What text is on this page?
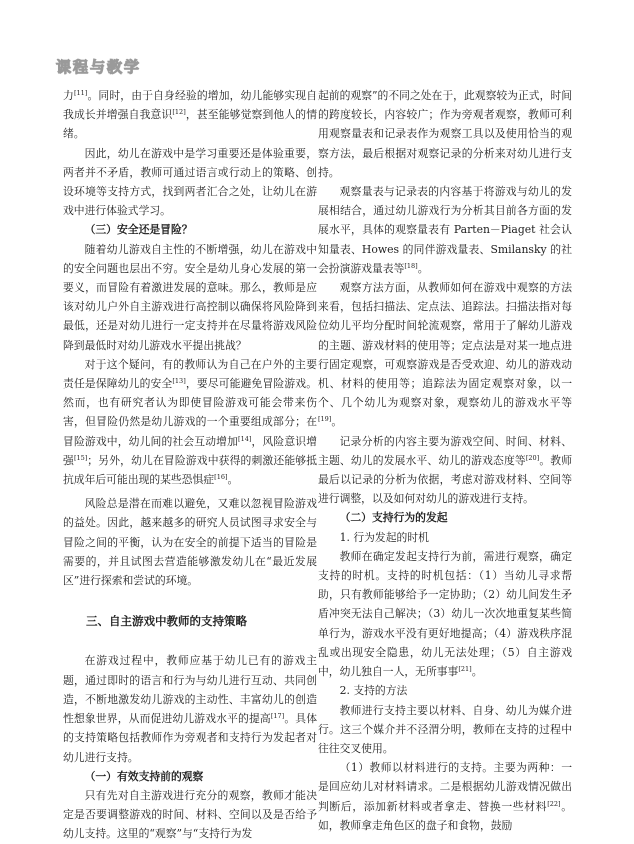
课程与教学

力[11]。同时，由于自身经验的增加，幼儿能够实现自我成长并增强自我意识[12]，甚至能够觉察到他人的情绪。

因此，幼儿在游戏中是学习重要还是体验重要，两者并不矛盾，教师可通过语言或行动上的策略、创设环境等支持方式，找到两者汇合之处，让幼儿在游戏中进行体验式学习。

（三）安全还是冒险？

随着幼儿游戏自主性的不断增强，幼儿在游戏中的安全问题也层出不穷。安全是幼儿身心发展的第一要义，而冒险有着激进发展的意味。那么，教师是应该对幼儿户外自主游戏进行高控制以确保将风险降到最低，还是对幼儿进行一定支持并在尽量将游戏风险降到最低时对幼儿游戏水平提出挑战？

对于这个疑问，有的教师认为自己在户外的主要责任是保障幼儿的安全[13]，要尽可能避免冒险游戏。然而，也有研究者认为即使冒险游戏可能会带来伤害，但冒险仍然是幼儿游戏的一个重要组成部分；在冒险游戏中，幼儿间的社会互动增加[14]，风险意识增强[15]；另外，幼儿在冒险游戏中获得的刺激还能够抵抗成年后可能出现的某些恐惧症[16]。

风险总是潜在而难以避免，又难以忽视冒险游戏的益处。因此，越来越多的研究人员试图寻求安全与冒险之间的平衡，认为在安全的前提下适当的冒险是需要的，并且试图去营造能够激发幼儿在“最近发展区”进行探索和尝试的环境。

三、自主游戏中教师的支持策略

在游戏过程中，教师应基于幼儿已有的游戏主题，通过即时的语言和行为与幼儿进行互动、共同创造，不断地激发幼儿游戏的主动性、丰富幼儿的创造性想象世界，从而促进幼儿游戏水平的提高[17]。具体的支持策略包括教师作为旁观者和支持行为发起者对幼儿进行支持。

（一）有效支持前的观察

只有先对自主游戏进行充分的观察，教师才能决定是否要调整游戏的时间、材料、空间以及是否给予幼儿支持。这里的“观察”与“支持行为发

起前的观察”的不同之处在于，此观察较为正式，时间的跨度较长，内容较广；作为旁观者观察，教师可利用观察量表和记录表作为观察工具以及使用恰当的观察方法，最后根据对观察记录的分析来对幼儿进行支持。

观察量表与记录表的内容基于将游戏与幼儿的发展相结合，通过幼儿游戏行为分析其目前各方面的发展水平，具体的观察量表有 Parten－Piaget 社会认知量表、Howes 的同伴游戏量表、Smilansky 的社会扮演游戏量表等[18]。

观察方法方面，从教师如何在游戏中观察的方法来看，包括扫描法、定点法、追踪法。扫描法指对每位幼儿平均分配时间轮流观察，常用于了解幼儿游戏的主题、游戏材料的使用等；定点法是对某一地点进行固定观察，可观察游戏是否受欢迎、幼儿的游戏动机、材料的使用等；追踪法为固定观察对象，以一个、几个幼儿为观察对象，观察幼儿的游戏水平等[19]。

记录分析的内容主要为游戏空间、时间、材料、主题、幼儿的发展水平、幼儿的游戏态度等[20]。教师最后以记录的分析为依据，考虑对游戏材料、空间等进行调整，以及如何对幼儿的游戏进行支持。

（二）支持行为的发起

1. 行为发起的时机

教师在确定发起支持行为前，需进行观察，确定支持的时机。支持的时机包括：（1）当幼儿寻求帮助，只有教师能够给予一定协助；（2）幼儿间发生矛盾冲突无法自己解决；（3）幼儿一次次地重复某些简单行为，游戏水平没有更好地提高；（4）游戏秩序混乱或出现安全隐患，幼儿无法处理；（5）自主游戏中，幼儿独自一人，无所事事[21]。

2. 支持的方法

教师进行支持主要以材料、自身、幼儿为媒介进行。这三个媒介并不泾渭分明，教师在支持的过程中往往交叉使用。

（1）教师以材料进行的支持。主要为两种：一是回应幼儿对材料请求。二是根据幼儿游戏情况做出判断后，添加新材料或者拿走、替换一些材料[22]。如，教师拿走角色区的盘子和食物，鼓励
